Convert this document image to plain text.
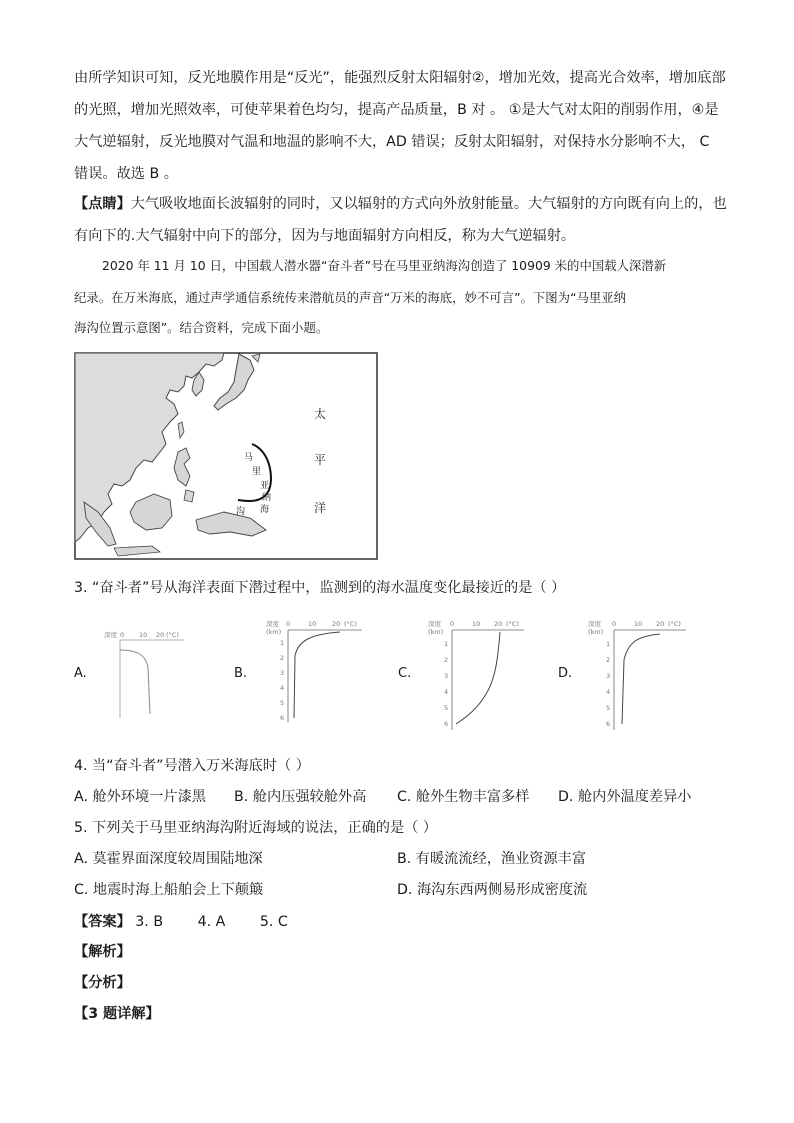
由所学知识可知，反光地膜作用是“反光”，能强烈反射太阳辐射②，增加光效，提高光合效率，增加底部
的光照，增加光照效率，可使苹果着色均匀，提高产品质量，B 对 。 ①是大气对太阳的削弱作用，④是
大气逆辐射，反光地膜对气温和地温的影响不大，AD 错误；反射太阳辐射，对保持水分影响不大， C
错误。故选 B 。
【点睛】大气吸收地面长波辐射的同时，又以辐射的方式向外放射能量。大气辐射的方向既有向上的，也
有向下的.大气辐射中向下的部分，因为与地面辐射方向相反，称为大气逆辐射。
2020 年 11 月 10 日，中国载人潜水器“奋斗者”号在马里亚纳海沟创造了 10909 米的中国载人深潜新
纪录。在万米海底，通过声学通信系统传来潜航员的声音“万米的海底，妙不可言”。下图为“马里亚纳
海沟位置示意图”。结合资料，完成下面小题。
马
里
亚
纳
海
沟
太
平
洋
3. “奋斗者”号从海洋表面下潜过程中，监测到的海水温度变化最接近的是（ ）
A.	B.	C.	D.
深度 0 10 20 (°C)
深度
(km)
0	10 20 (°C)
1
2
3
4
5
6
深度
(km)
0	10 20 (°C)
1
2
3
4
5
6
深度
(km)
0	10 20 (°C)
1
2
3
4
5
6
4. 当“奋斗者”号潜入万米海底时（ ）
A. 舱外环境一片漆黑 B. 舱内压强较舱外高 C. 舱外生物丰富多样 D. 舱内外温度差异小
5. 下列关于马里亚纳海沟附近海域的说法，正确的是（ ）
A. 莫霍界面深度较周围陆地深	B. 有暖流流经，渔业资源丰富
C. 地震时海上船舶会上下颠簸	D. 海沟东西两侧易形成密度流
【答案】 3. B 4. A 5. C
【解析】
【分析】
【3 题详解】
